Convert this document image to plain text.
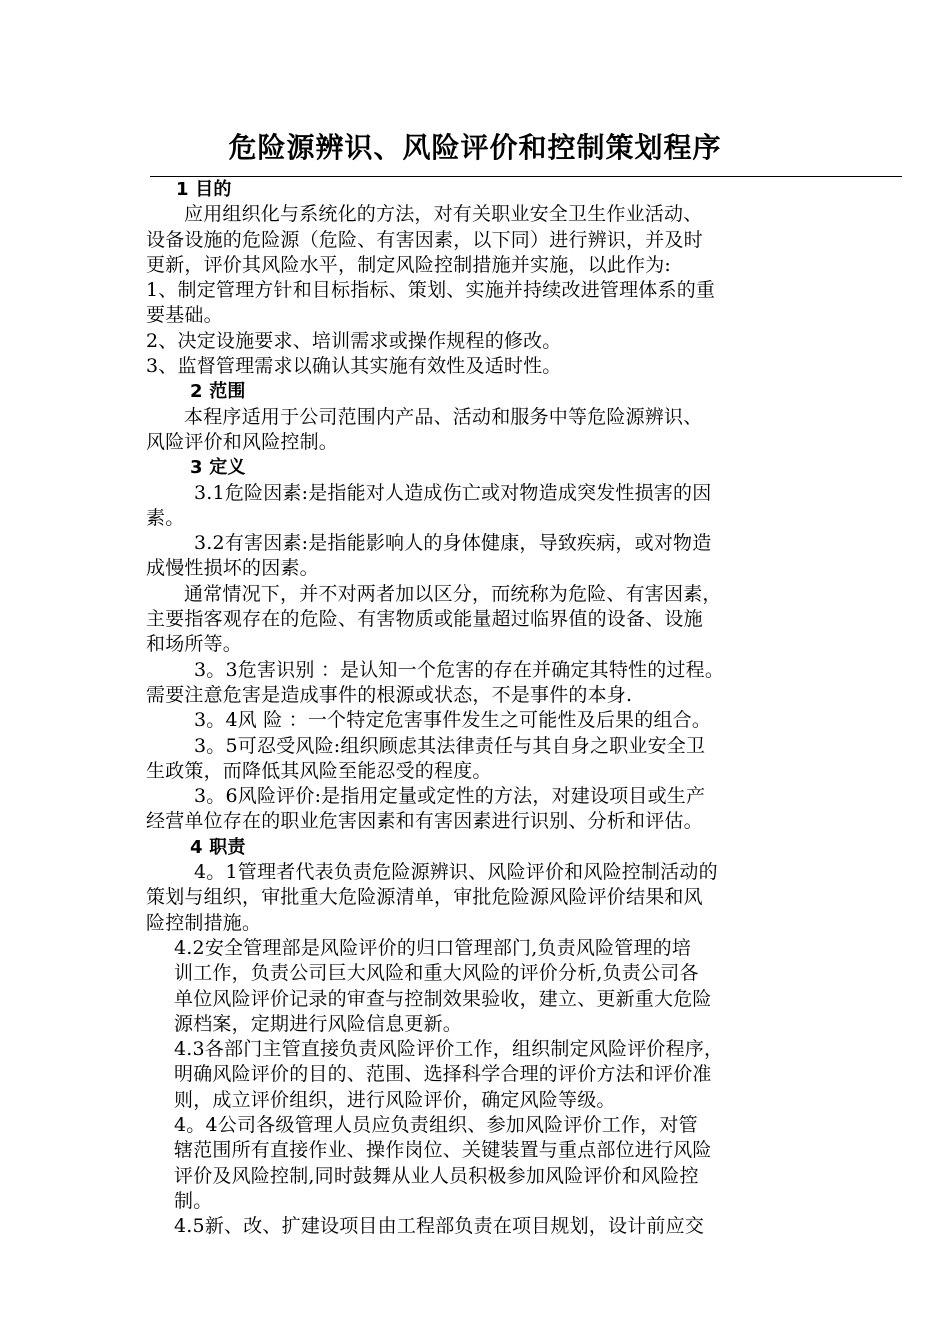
危险源辨识、风险评价和控制策划程序
1 目的
应用组织化与系统化的方法，对有关职业安全卫生作业活动、
设备设施的危险源（危险、有害因素，以下同）进行辨识，并及时
更新，评价其风险水平，制定风险控制措施并实施，以此作为:
1、制定管理方针和目标指标、策划、实施并持续改进管理体系的重
要基础。
2、决定设施要求、培训需求或操作规程的修改。
3、监督管理需求以确认其实施有效性及适时性。
2 范围
本程序适用于公司范围内产品、活动和服务中等危险源辨识、
风险评价和风险控制。
3 定义
3.1危险因素:是指能对人造成伤亡或对物造成突发性损害的因
素。
3.2有害因素:是指能影响人的身体健康，导致疾病，或对物造
成慢性损坏的因素。
通常情况下，并不对两者加以区分，而统称为危险、有害因素，
主要指客观存在的危险、有害物质或能量超过临界值的设备、设施
和场所等。
3。3危害识别 ：是认知一个危害的存在并确定其特性的过程。
需要注意危害是造成事件的根源或状态，不是事件的本身.
3。4风 险 ：一个特定危害事件发生之可能性及后果的组合。
3。5可忍受风险:组织顾虑其法律责任与其自身之职业安全卫
生政策，而降低其风险至能忍受的程度。
3。6风险评价:是指用定量或定性的方法，对建设项目或生产
经营单位存在的职业危害因素和有害因素进行识别、分析和评估。
4 职责
4。1管理者代表负责危险源辨识、风险评价和风险控制活动的
策划与组织，审批重大危险源清单，审批危险源风险评价结果和风
险控制措施。
4.2安全管理部是风险评价的归口管理部门,负责风险管理的培
训工作，负责公司巨大风险和重大风险的评价分析,负责公司各
单位风险评价记录的审查与控制效果验收，建立、更新重大危险
源档案，定期进行风险信息更新。
4.3各部门主管直接负责风险评价工作，组织制定风险评价程序，
明确风险评价的目的、范围、选择科学合理的评价方法和评价准
则，成立评价组织，进行风险评价，确定风险等级。
4。4公司各级管理人员应负责组织、参加风险评价工作，对管
辖范围所有直接作业、操作岗位、关键装置与重点部位进行风险
评价及风险控制,同时鼓舞从业人员积极参加风险评价和风险控
制。
4.5新、改、扩建设项目由工程部负责在项目规划，设计前应交
